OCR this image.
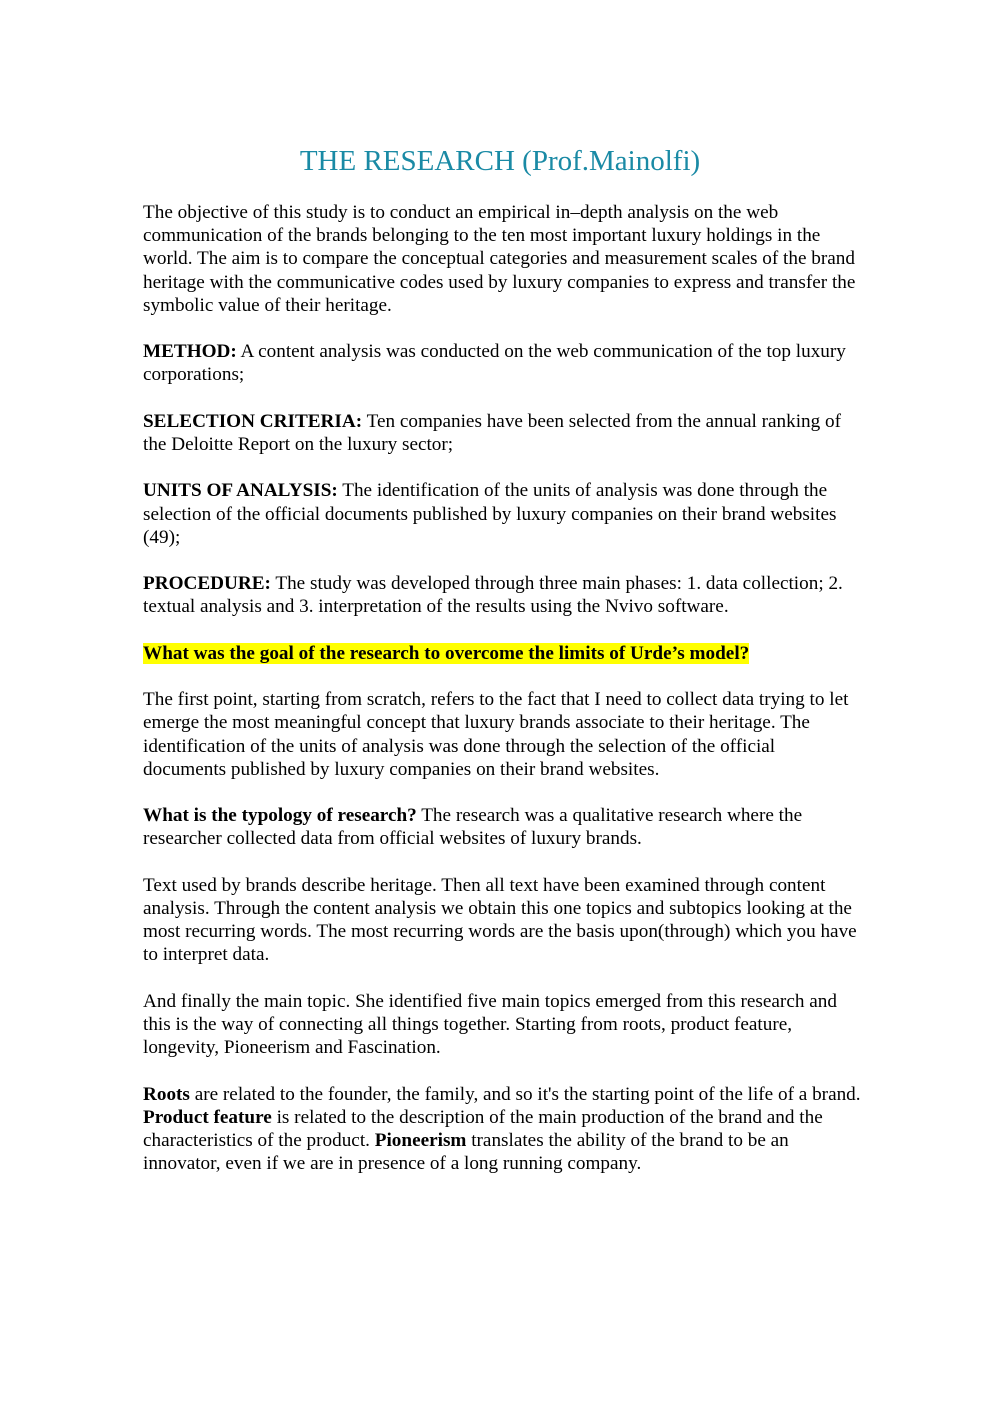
THE RESEARCH (Prof.Mainolfi)

The objective of this study is to conduct an empirical in–depth analysis on the web communication of the brands belonging to the ten most important luxury holdings in the world. The aim is to compare the conceptual categories and measurement scales of the brand heritage with the communicative codes used by luxury companies to express and transfer the symbolic value of their heritage.

METHOD: A content analysis was conducted on the web communication of the top luxury corporations;

SELECTION CRITERIA: Ten companies have been selected from the annual ranking of the Deloitte Report on the luxury sector;

UNITS OF ANALYSIS: The identification of the units of analysis was done through the selection of the official documents published by luxury companies on their brand websites (49);

PROCEDURE: The study was developed through three main phases: 1. data collection; 2. textual analysis and 3. interpretation of the results using the Nvivo software.

What was the goal of the research to overcome the limits of Urde’s model?

The first point, starting from scratch, refers to the fact that I need to collect data trying to let emerge the most meaningful concept that luxury brands associate to their heritage. The identification of the units of analysis was done through the selection of the official documents published by luxury companies on their brand websites.

What is the typology of research? The research was a qualitative research where the researcher collected data from official websites of luxury brands.

Text used by brands describe heritage. Then all text have been examined through content analysis. Through the content analysis we obtain this one topics and subtopics looking at the most recurring words. The most recurring words are the basis upon(through) which you have to interpret data.

And finally the main topic. She identified five main topics emerged from this research and this is the way of connecting all things together. Starting from roots, product feature, longevity, Pioneerism and Fascination.

Roots are related to the founder, the family, and so it's the starting point of the life of a brand. Product feature is related to the description of the main production of the brand and the characteristics of the product. Pioneerism translates the ability of the brand to be an innovator, even if we are in presence of a long running company.
